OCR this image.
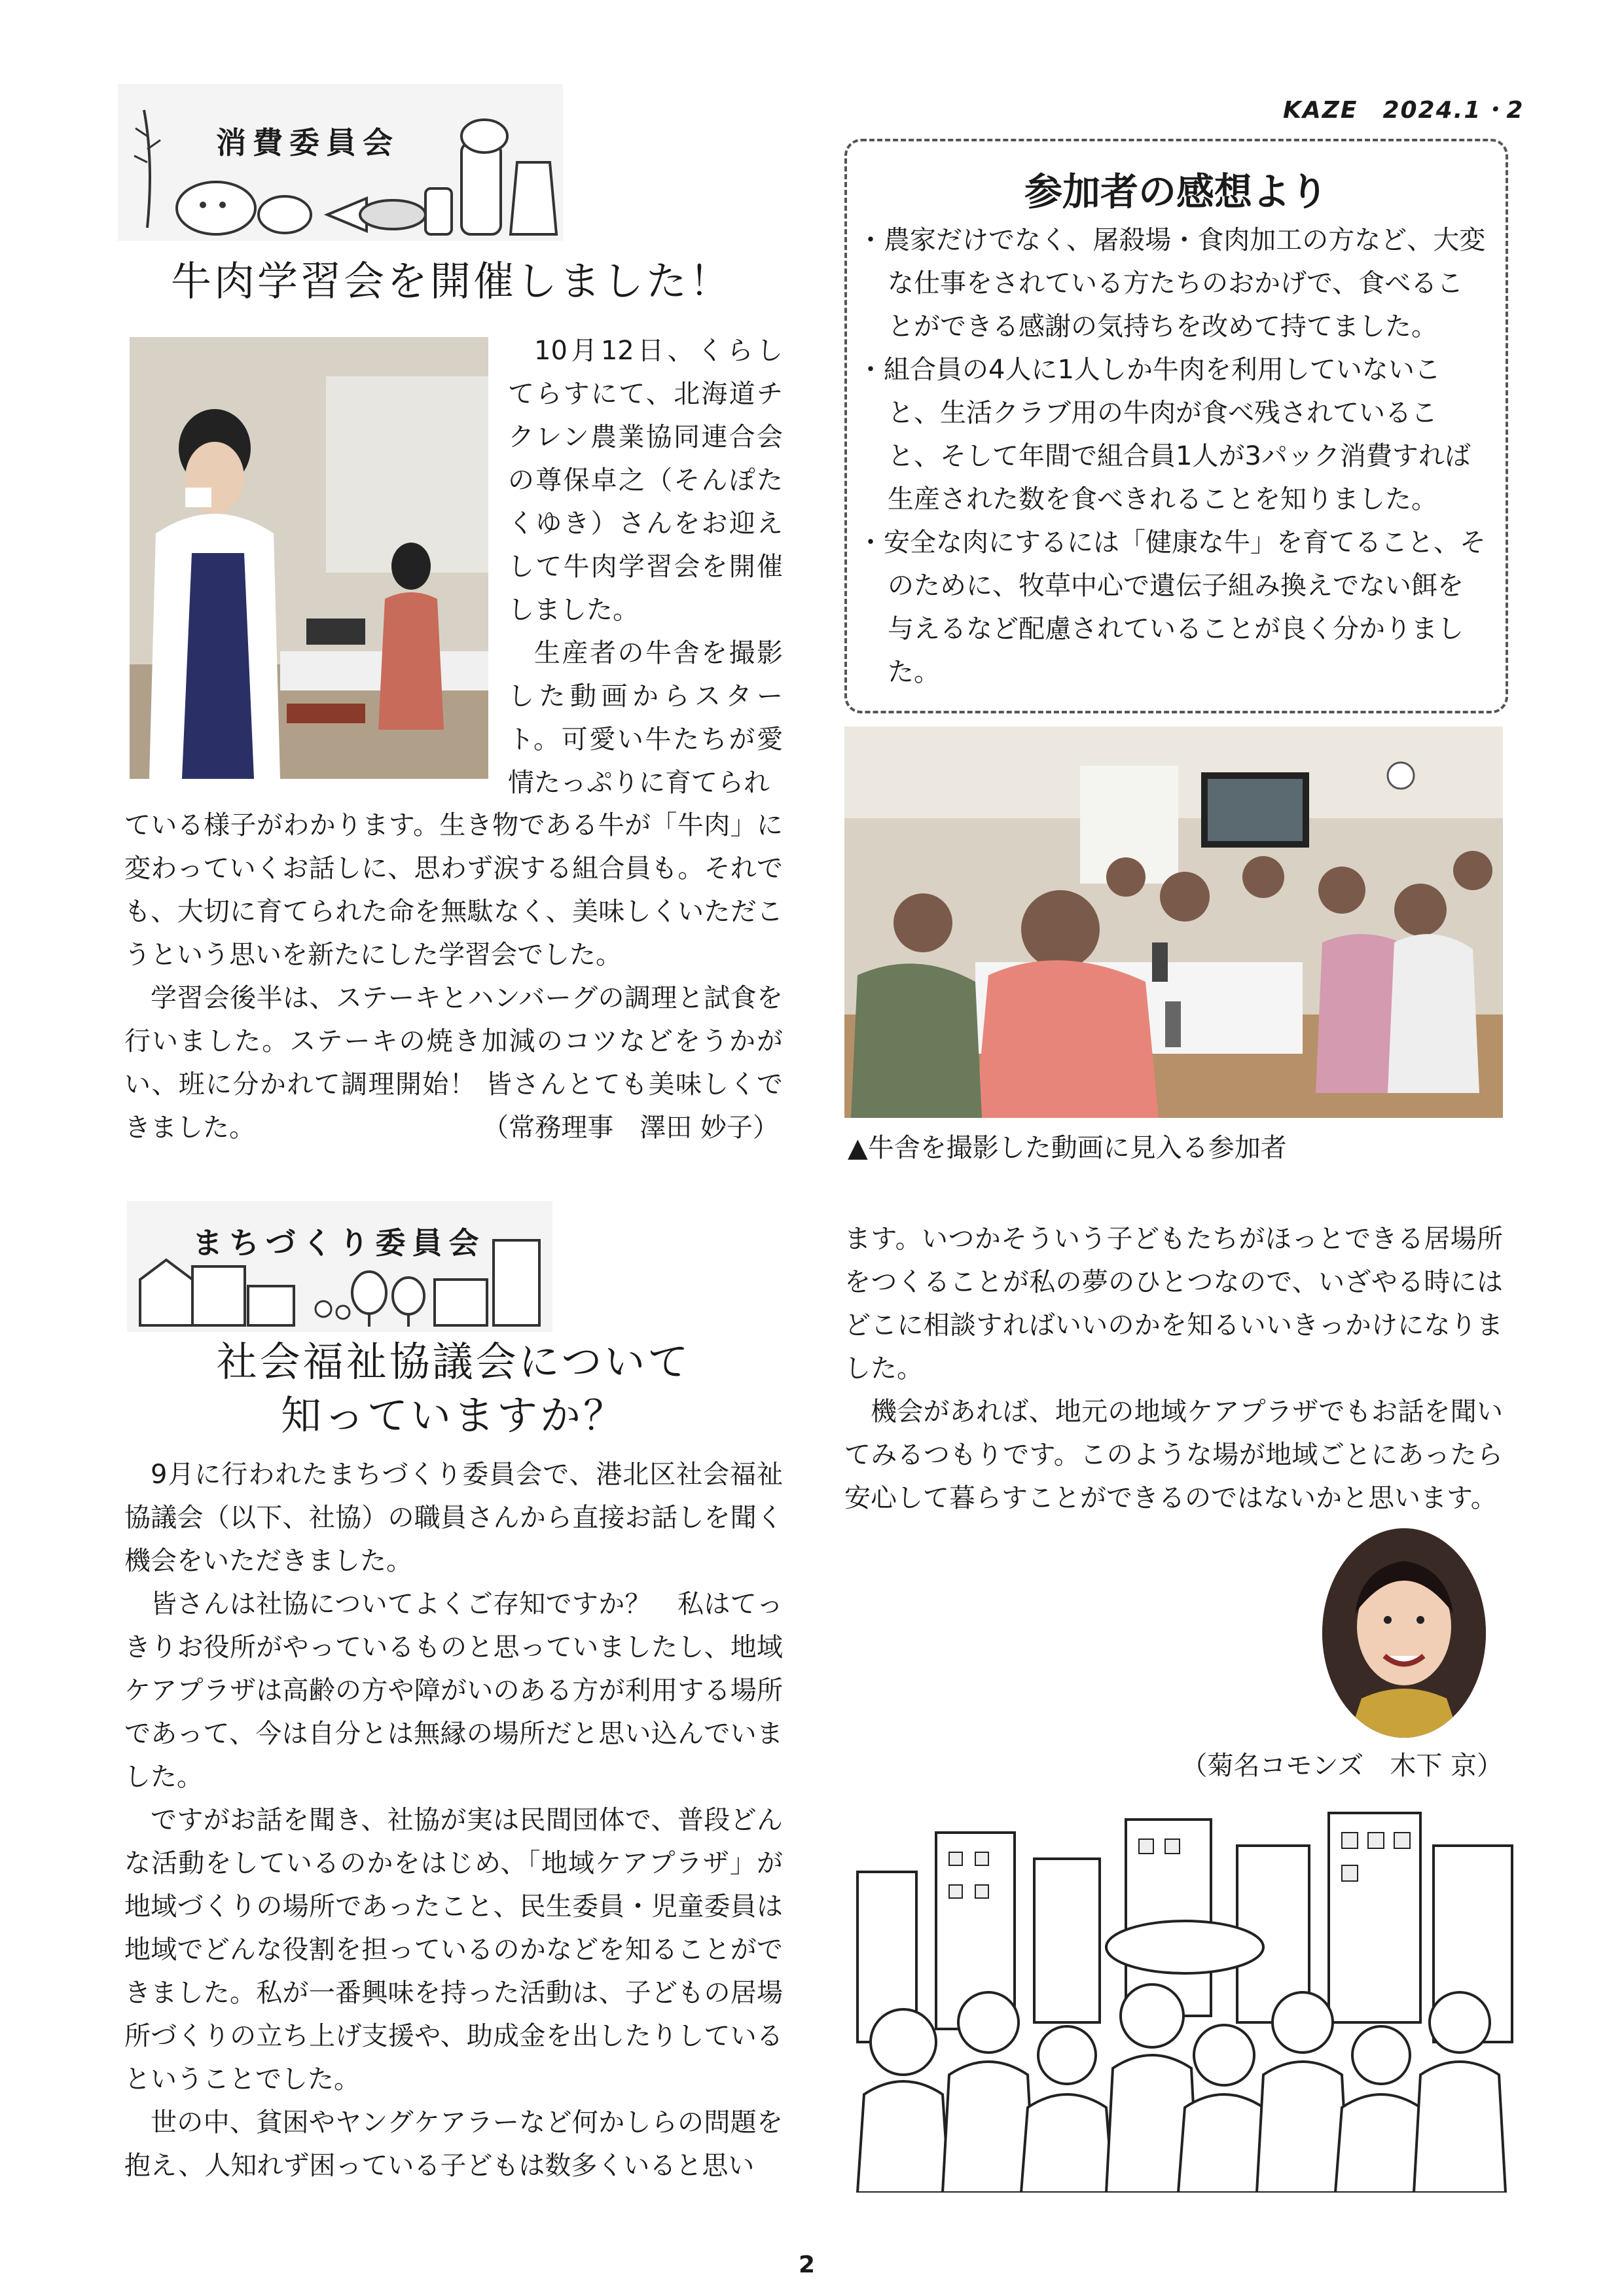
KAZE　2024.1・2
消費委員会
牛肉学習会を開催しました！

10月12日、くらしてらすにて、北海道チクレン農業協同連合会の尊保卓之（そんぽたくゆき）さんをお迎えして牛肉学習会を開催しました。

生産者の牛舎を撮影した動画からスタート。可愛い牛たちが愛情たっぷりに育てられ

ている様子がわかります。生き物である牛が「牛肉」に変わっていくお話しに、思わず涙する組合員も。それでも、大切に育てられた命を無駄なく、美味しくいただこうという思いを新たにした学習会でした。

学習会後半は、ステーキとハンバーグの調理と試食を行いました。ステーキの焼き加減のコツなどをうかがい、班に分かれて調理開始！ 皆さんとても美味しくできました。	（常務理事　澤田 妙子）
参加者の感想より
・農家だけでなく、屠殺場・食肉加工の方など、大変な仕事をされている方たちのおかげで、食べることができる感謝の気持ちを改めて持てました。
・組合員の4人に1人しか牛肉を利用していないこと、生活クラブ用の牛肉が食べ残されていること、そして年間で組合員1人が3パック消費すれば生産された数を食べきれることを知りました。
・安全な肉にするには「健康な牛」を育てること、そのために、牧草中心で遺伝子組み換えでない餌を与えるなど配慮されていることが良く分かりました。
▲牛舎を撮影した動画に見入る参加者
まちづくり委員会
社会福祉協議会について
知っていますか？

9月に行われたまちづくり委員会で、港北区社会福祉協議会（以下、社協）の職員さんから直接お話しを聞く機会をいただきました。

皆さんは社協についてよくご存知ですか？　私はてっきりお役所がやっているものと思っていましたし、地域ケアプラザは高齢の方や障がいのある方が利用する場所であって、今は自分とは無縁の場所だと思い込んでいました。

ですがお話を聞き、社協が実は民間団体で、普段どんな活動をしているのかをはじめ、「地域ケアプラザ」が地域づくりの場所であったこと、民生委員・児童委員は地域でどんな役割を担っているのかなどを知ることができました。私が一番興味を持った活動は、子どもの居場所づくりの立ち上げ支援や、助成金を出したりしているということでした。

世の中、貧困やヤングケアラーなど何かしらの問題を抱え、人知れず困っている子どもは数多くいると思い

ます。いつかそういう子どもたちがほっとできる居場所をつくることが私の夢のひとつなので、いざやる時にはどこに相談すればいいのかを知るいいきっかけになりました。

機会があれば、地元の地域ケアプラザでもお話を聞いてみるつもりです。このような場が地域ごとにあったら安心して暮らすことができるのではないかと思います。

（菊名コモンズ　木下 京）
2
